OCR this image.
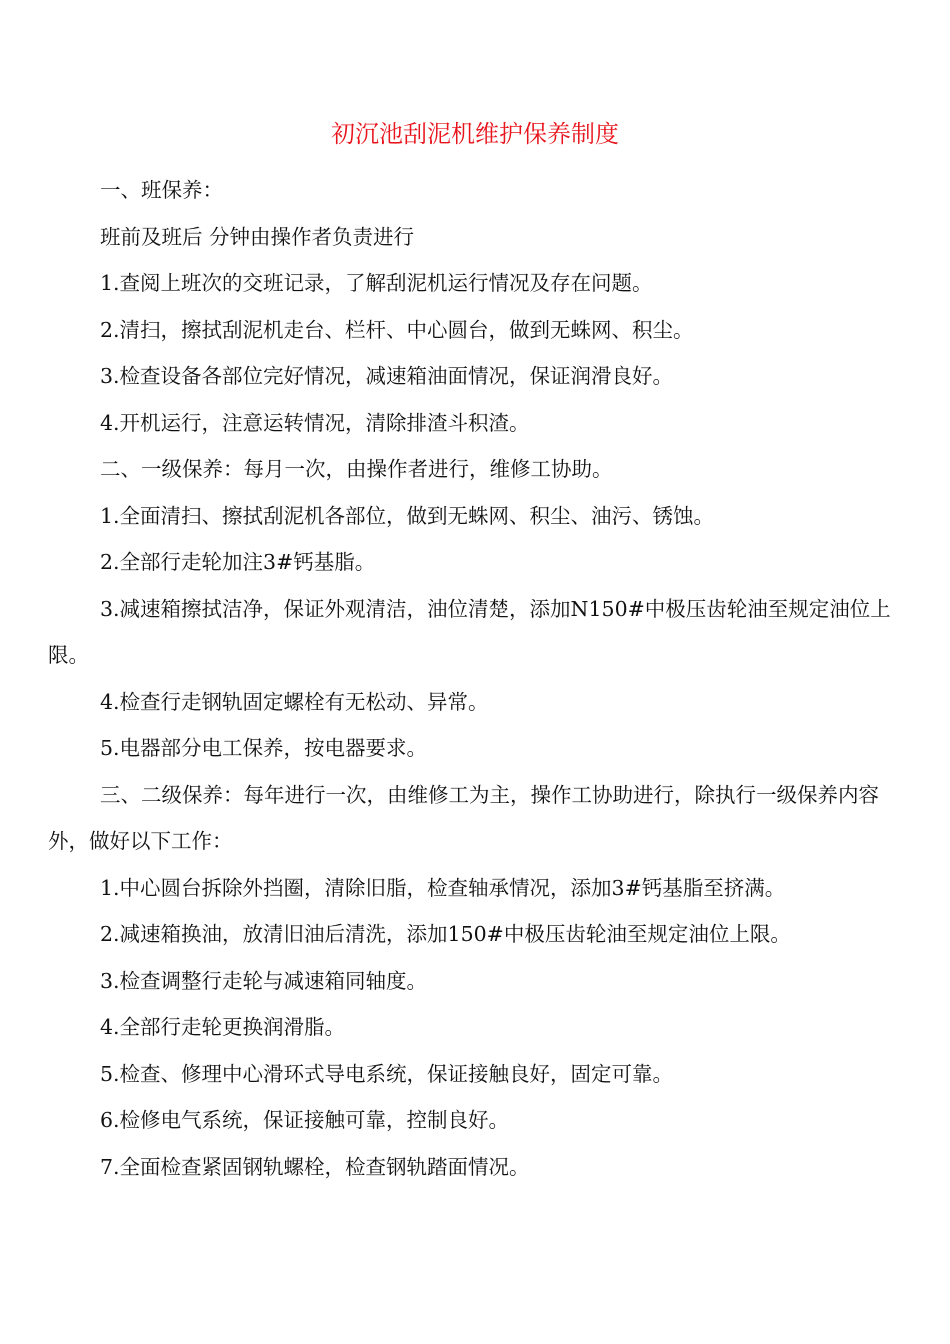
初沉池刮泥机维护保养制度

一、班保养：

班前及班后 分钟由操作者负责进行

1.查阅上班次的交班记录，了解刮泥机运行情况及存在问题。

2.清扫，擦拭刮泥机走台、栏杆、中心圆台，做到无蛛网、积尘。

3.检查设备各部位完好情况，减速箱油面情况，保证润滑良好。

4.开机运行，注意运转情况，清除排渣斗积渣。

二、一级保养：每月一次，由操作者进行，维修工协助。

1.全面清扫、擦拭刮泥机各部位，做到无蛛网、积尘、油污、锈蚀。

2.全部行走轮加注3#钙基脂。

3.减速箱擦拭洁净，保证外观清洁，油位清楚，添加N150#中极压齿轮油至规定油位上限。

4.检查行走钢轨固定螺栓有无松动、异常。

5.电器部分电工保养，按电器要求。

三、二级保养：每年进行一次，由维修工为主，操作工协助进行，除执行一级保养内容外，做好以下工作：

1.中心圆台拆除外挡圈，清除旧脂，检查轴承情况，添加3#钙基脂至挤满。

2.减速箱换油，放清旧油后清洗，添加150#中极压齿轮油至规定油位上限。

3.检查调整行走轮与减速箱同轴度。

4.全部行走轮更换润滑脂。

5.检查、修理中心滑环式导电系统，保证接触良好，固定可靠。

6.检修电气系统，保证接触可靠，控制良好。

7.全面检查紧固钢轨螺栓，检查钢轨踏面情况。
